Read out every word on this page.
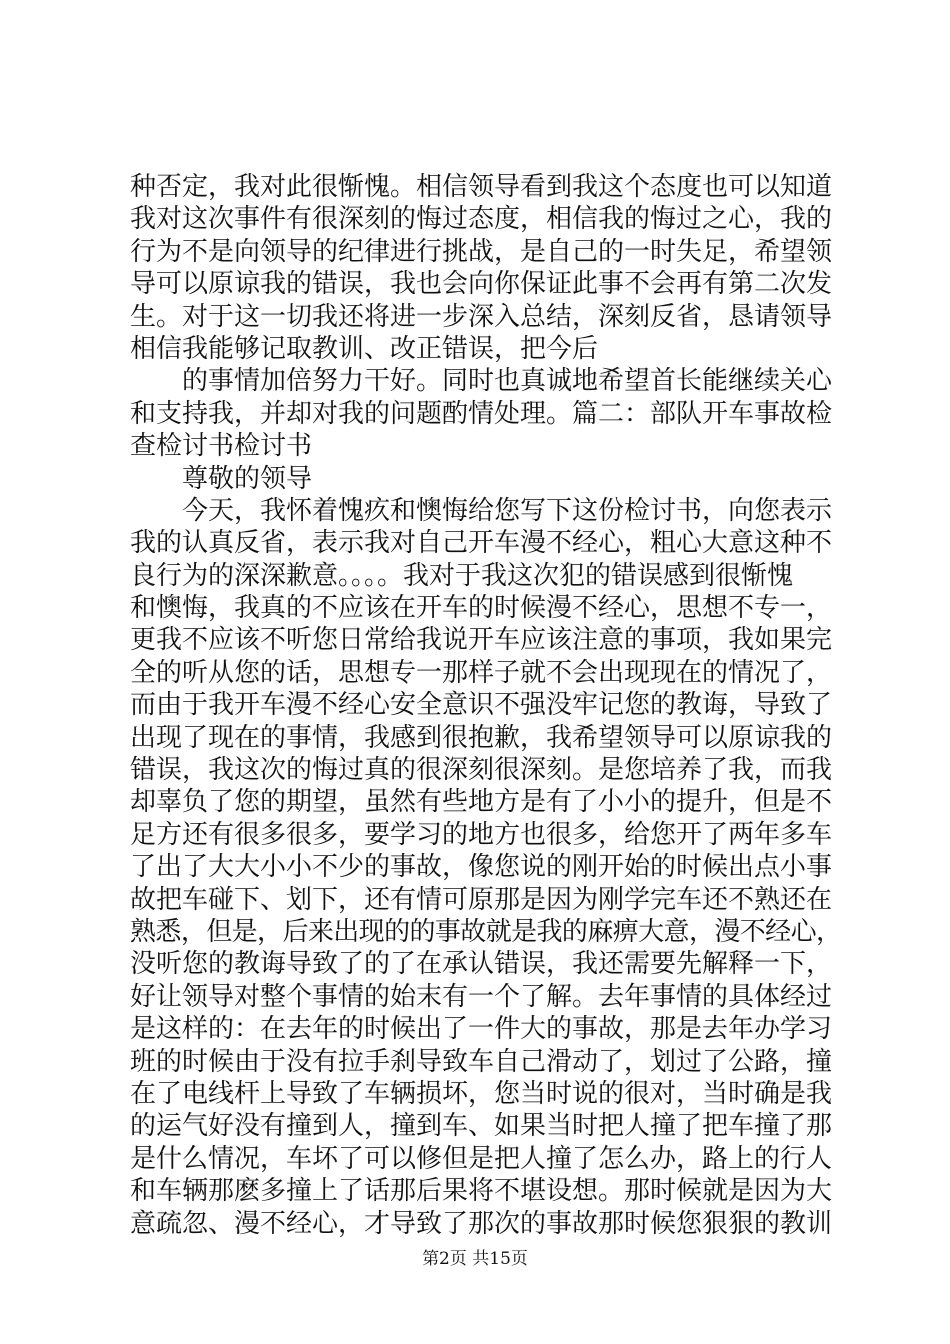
种否定，我对此很惭愧。相信领导看到我这个态度也可以知道
我对这次事件有很深刻的悔过态度，相信我的悔过之心，我的
行为不是向领导的纪律进行挑战，是自己的一时失足，希望领
导可以原谅我的错误，我也会向你保证此事不会再有第二次发
生。对于这一切我还将进一步深入总结，深刻反省，恳请领导
相信我能够记取教训、改正错误，把今后
的事情加倍努力干好。同时也真诚地希望首长能继续关心
和支持我，并却对我的问题酌情处理。篇二：部队开车事故检
查检讨书检讨书
尊敬的领导
今天，我怀着愧疚和懊悔给您写下这份检讨书，向您表示
我的认真反省，表示我对自己开车漫不经心，粗心大意这种不
良行为的深深歉意。。。。我对于我这次犯的错误感到很惭愧
和懊悔，我真的不应该在开车的时候漫不经心，思想不专一，
更我不应该不听您日常给我说开车应该注意的事项，我如果完
全的听从您的话，思想专一那样子就不会出现现在的情况了，
而由于我开车漫不经心安全意识不强没牢记您的教诲，导致了
出现了现在的事情，我感到很抱歉，我希望领导可以原谅我的
错误，我这次的悔过真的很深刻很深刻。是您培养了我，而我
却辜负了您的期望，虽然有些地方是有了小小的提升，但是不
足方还有很多很多，要学习的地方也很多，给您开了两年多车
了出了大大小小不少的事故，像您说的刚开始的时候出点小事
故把车碰下、划下，还有情可原那是因为刚学完车还不熟还在
熟悉，但是，后来出现的的事故就是我的麻痹大意，漫不经心，
没听您的教诲导致了的了在承认错误，我还需要先解释一下，
好让领导对整个事情的始末有一个了解。去年事情的具体经过
是这样的：在去年的时候出了一件大的事故，那是去年办学习
班的时候由于没有拉手刹导致车自己滑动了，划过了公路，撞
在了电线杆上导致了车辆损坏，您当时说的很对，当时确是我
的运气好没有撞到人，撞到车、如果当时把人撞了把车撞了那
是什么情况，车坏了可以修但是把人撞了怎么办，路上的行人
和车辆那麽多撞上了话那后果将不堪设想。那时候就是因为大
意疏忽、漫不经心，才导致了那次的事故那时候您狠狠的教训
第2页 共15页
